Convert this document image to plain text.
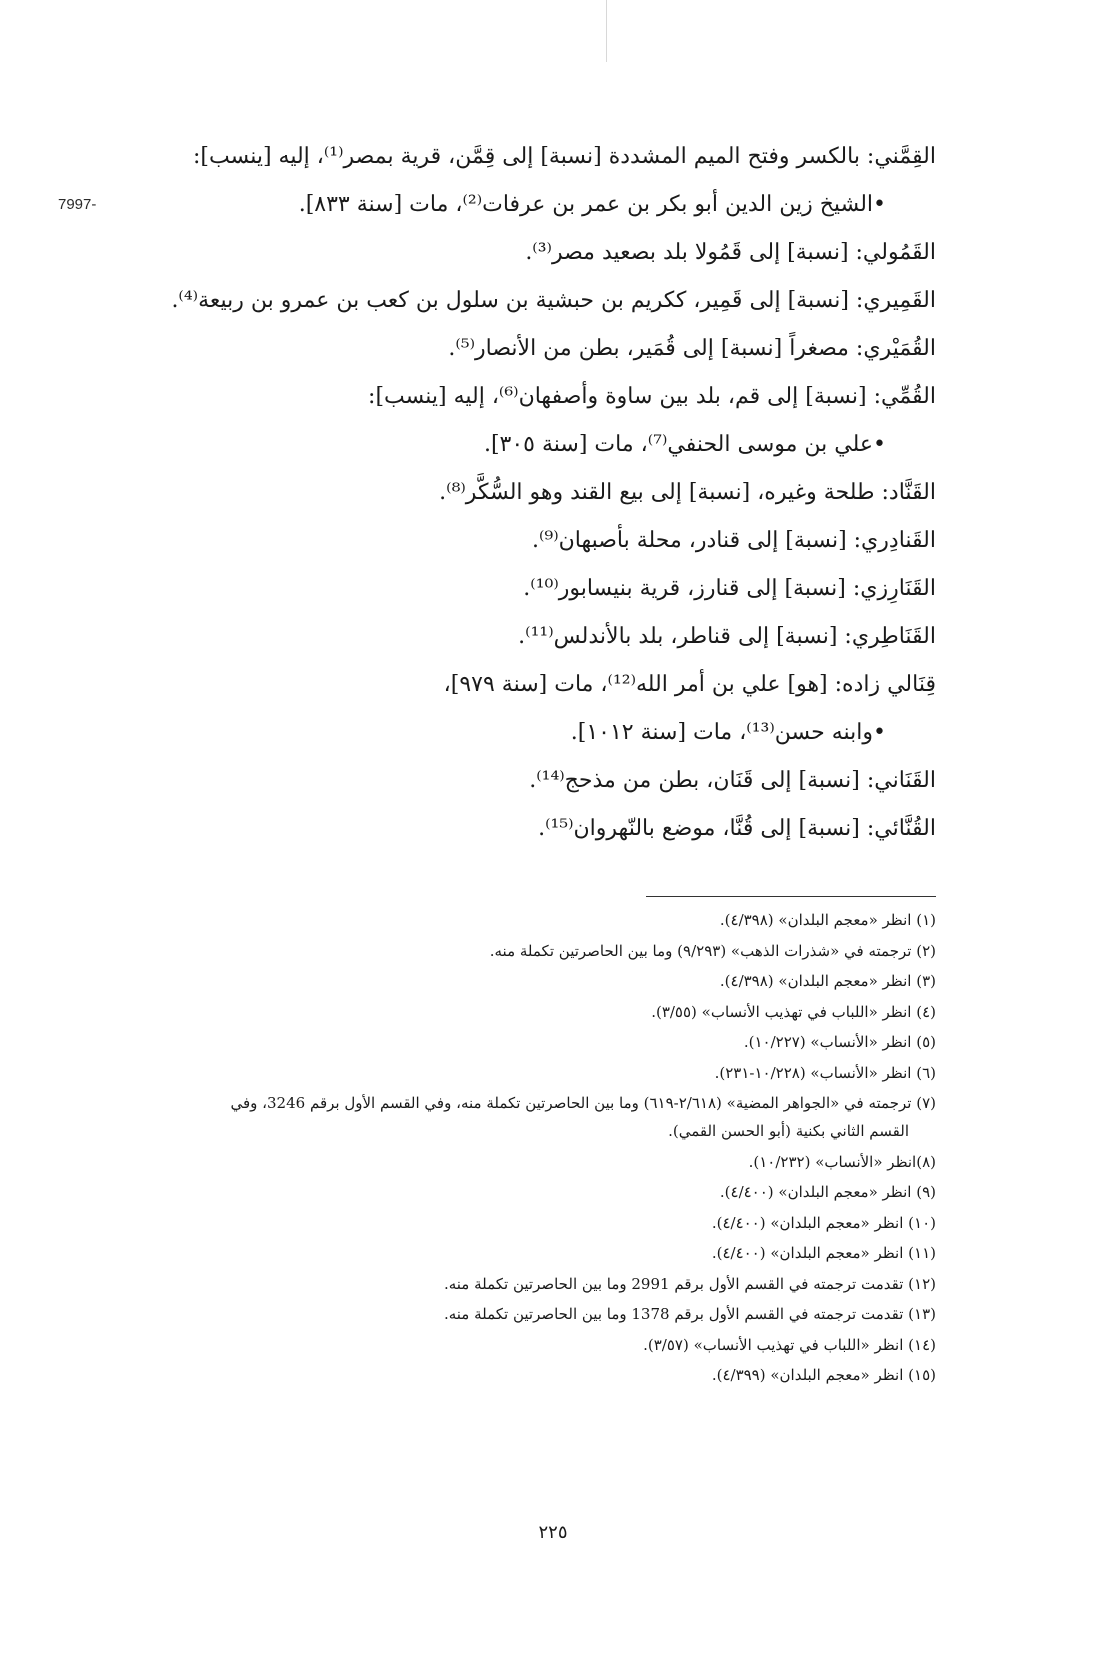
7997-
القِمَّني: بالكسر وفتح الميم المشددة [نسبة] إلى قِمَّن، قرية بمصر⁽¹⁾، إليه [ينسب]:
•الشيخ زين الدين أبو بكر بن عمر بن عرفات⁽²⁾، مات [سنة ٨٣٣].
القَمُولي: [نسبة] إلى قَمُولا بلد بصعيد مصر⁽³⁾.
القَمِيري: [نسبة] إلى قَمِير، ككريم بن حبشية بن سلول بن كعب بن عمرو بن ربيعة⁽⁴⁾.
القُمَيْري: مصغراً [نسبة] إلى قُمَير، بطن من الأنصار⁽⁵⁾.
القُمِّي: [نسبة] إلى قم، بلد بين ساوة وأصفهان⁽⁶⁾، إليه [ينسب]:
•علي بن موسى الحنفي⁽⁷⁾، مات [سنة ٣٠٥].
القَنَّاد: طلحة وغيره، [نسبة] إلى بيع القند وهو السُّكَّر⁽⁸⁾.
القَنادِري: [نسبة] إلى قنادر، محلة بأصبهان⁽⁹⁾.
القَنَارِزي: [نسبة] إلى قنارز، قرية بنيسابور⁽¹⁰⁾.
القَنَاطِري: [نسبة] إلى قناطر، بلد بالأندلس⁽¹¹⁾.
قِنَالي زاده: [هو] علي بن أمر الله⁽¹²⁾، مات [سنة ٩٧٩]،
•وابنه حسن⁽¹³⁾، مات [سنة ١٠١٢].
القَنَاني: [نسبة] إلى قَنَان، بطن من مذحج⁽¹⁴⁾.
القُنَّائي: [نسبة] إلى قُنَّا، موضع بالنّهروان⁽¹⁵⁾.
(١) انظر «معجم البلدان» (٤/٣٩٨).
(٢) ترجمته في «شذرات الذهب» (٩/٢٩٣) وما بين الحاصرتين تكملة منه.
(٣) انظر «معجم البلدان» (٤/٣٩٨).
(٤) انظر «اللباب في تهذيب الأنساب» (٣/٥٥).
(٥) انظر «الأنساب» (١٠/٢٢٧).
(٦) انظر «الأنساب» (١٠/٢٢٨-٢٣١).
(٧) ترجمته في «الجواهر المضية» (٢/٦١٨-٦١٩) وما بين الحاصرتين تكملة منه، وفي القسم الأول برقم 3246، وفي
القسم الثاني بكنية (أبو الحسن القمي).
(٨)انظر «الأنساب» (١٠/٢٣٢).
(٩) انظر «معجم البلدان» (٤/٤٠٠).
(١٠) انظر «معجم البلدان» (٤/٤٠٠).
(١١) انظر «معجم البلدان» (٤/٤٠٠).
(١٢) تقدمت ترجمته في القسم الأول برقم 2991 وما بين الحاصرتين تكملة منه.
(١٣) تقدمت ترجمته في القسم الأول برقم 1378 وما بين الحاصرتين تكملة منه.
(١٤) انظر «اللباب في تهذيب الأنساب» (٣/٥٧).
(١٥) انظر «معجم البلدان» (٤/٣٩٩).
٢٢٥
